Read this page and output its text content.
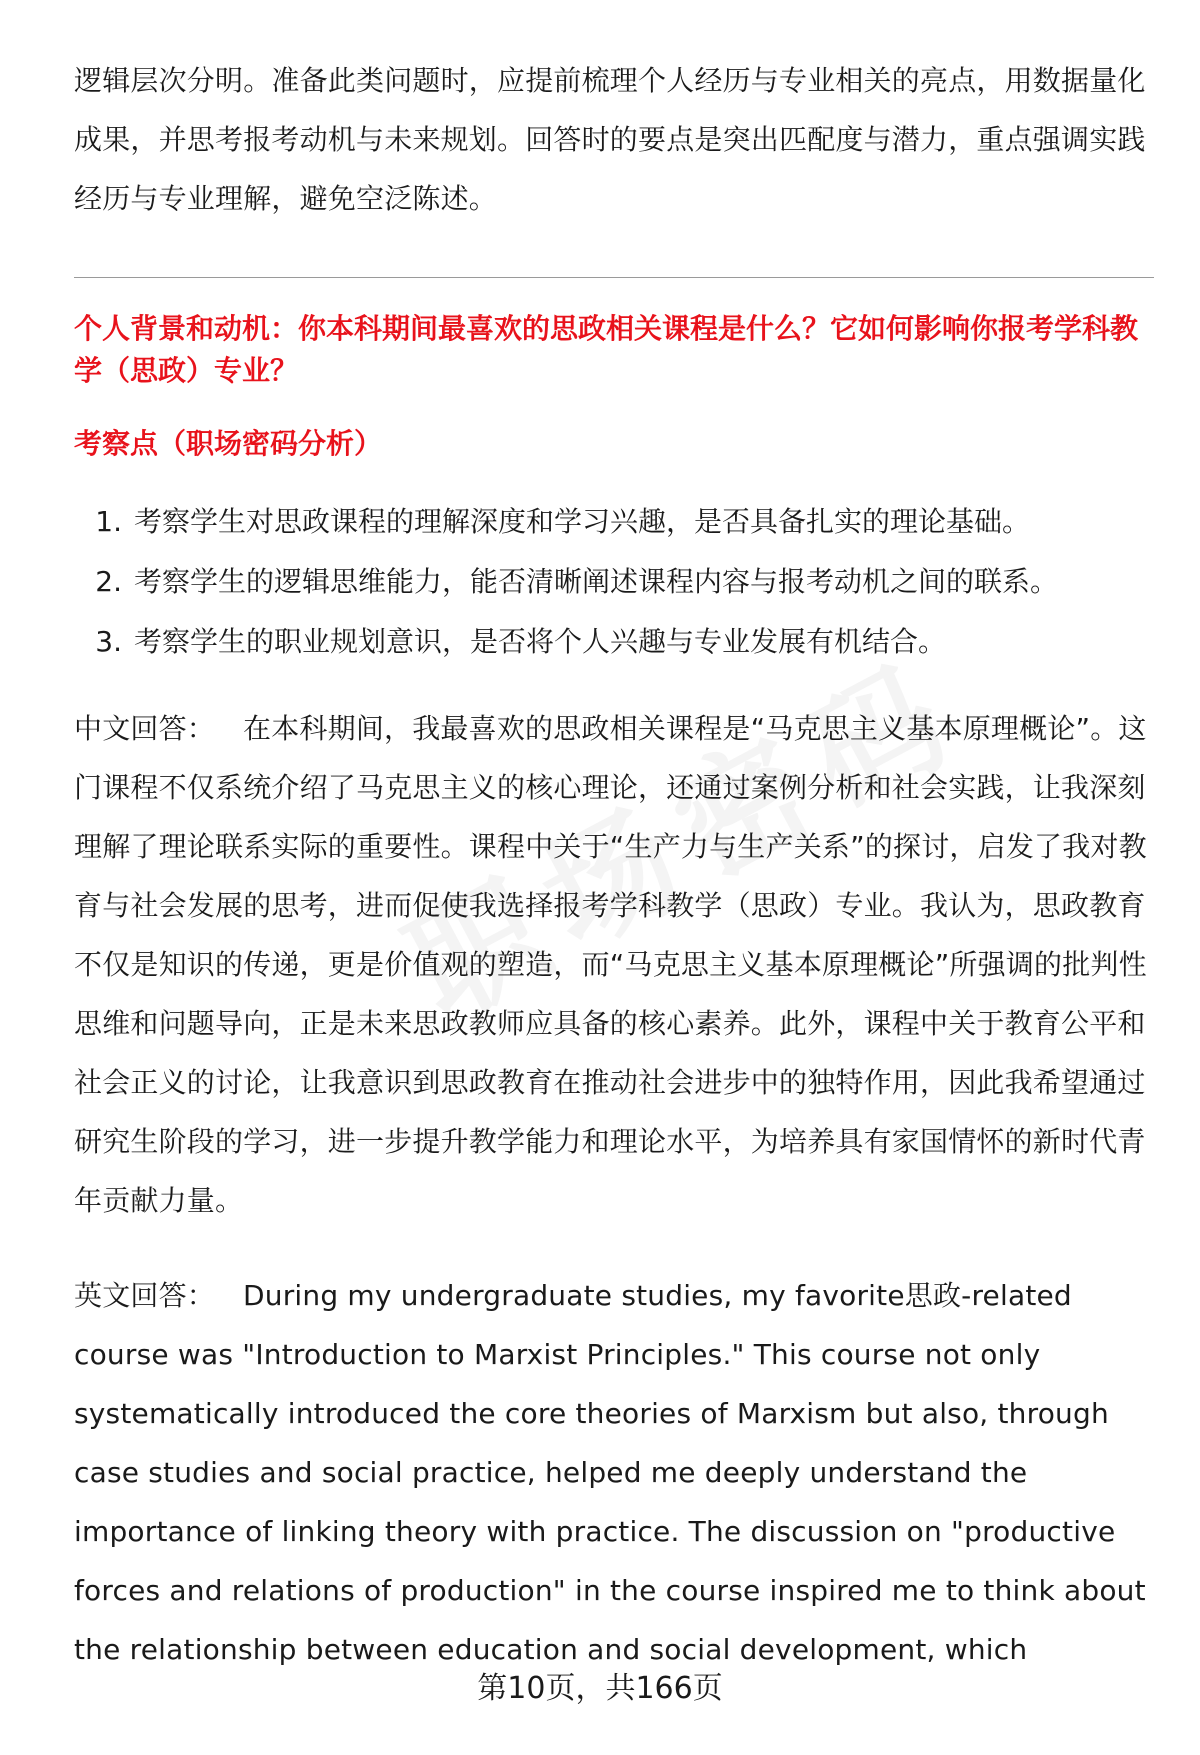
逻辑层次分明。准备此类问题时，应提前梳理个人经历与专业相关的亮点，用数据量化成果，并思考报考动机与未来规划。回答时的要点是突出匹配度与潜力，重点强调实践经历与专业理解，避免空泛陈述。

个人背景和动机：你本科期间最喜欢的思政相关课程是什么？它如何影响你报考学科教学（思政）专业？

考察点（职场密码分析）

1. 考察学生对思政课程的理解深度和学习兴趣，是否具备扎实的理论基础。
2. 考察学生的逻辑思维能力，能否清晰阐述课程内容与报考动机之间的联系。
3. 考察学生的职业规划意识，是否将个人兴趣与专业发展有机结合。

中文回答： 在本科期间，我最喜欢的思政相关课程是“马克思主义基本原理概论”。这门课程不仅系统介绍了马克思主义的核心理论，还通过案例分析和社会实践，让我深刻理解了理论联系实际的重要性。课程中关于“生产力与生产关系”的探讨，启发了我对教育与社会发展的思考，进而促使我选择报考学科教学（思政）专业。我认为，思政教育不仅是知识的传递，更是价值观的塑造，而“马克思主义基本原理概论”所强调的批判性思维和问题导向，正是未来思政教师应具备的核心素养。此外，课程中关于教育公平和社会正义的讨论，让我意识到思政教育在推动社会进步中的独特作用，因此我希望通过研究生阶段的学习，进一步提升教学能力和理论水平，为培养具有家国情怀的新时代青年贡献力量。

英文回答： During my undergraduate studies, my favorite思政-related course was "Introduction to Marxist Principles." This course not only systematically introduced the core theories of Marxism but also, through case studies and social practice, helped me deeply understand the importance of linking theory with practice. The discussion on "productive forces and relations of production" in the course inspired me to think about the relationship between education and social development, which

第10页，共166页
